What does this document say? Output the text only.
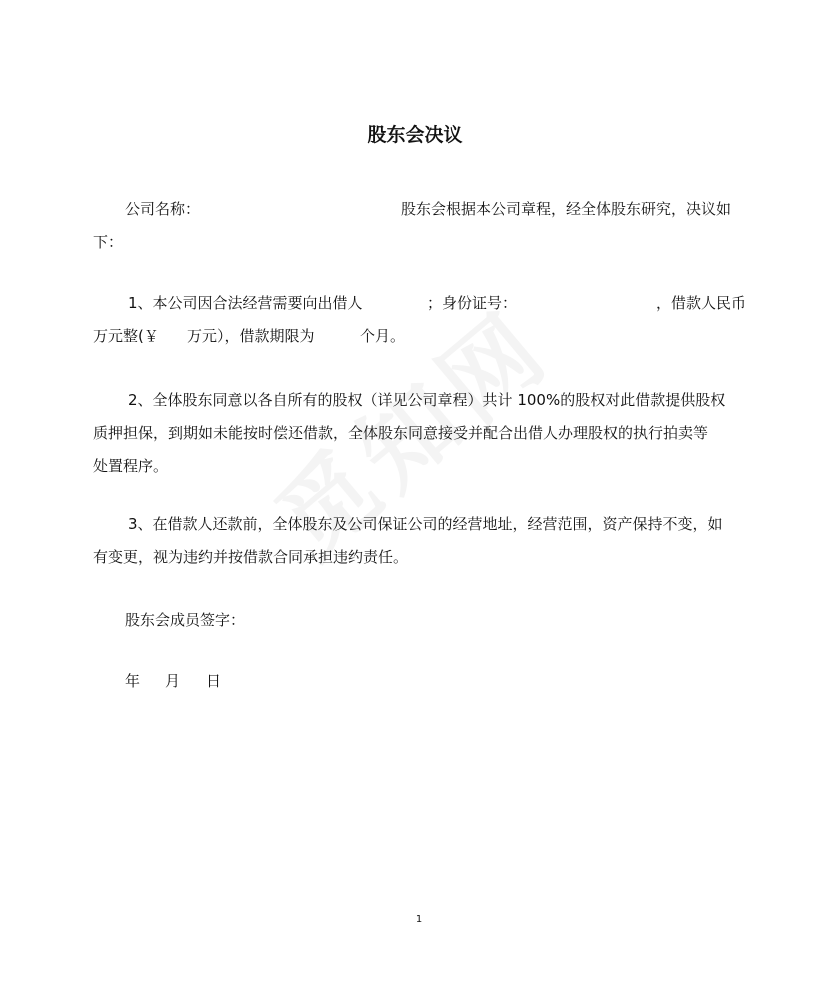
股东会决议
公司名称：	股东会根据本公司章程，经全体股东研究，决议如
下：
1、本公司因合法经营需要向出借人	；身份证号：	，借款人民币
万元整(￥ 万元），借款期限为	个月。
2、全体股东同意以各自所有的股权（详见公司章程）共计 100%的股权对此借款提供股权
质押担保，到期如未能按时偿还借款，全体股东同意接受并配合出借人办理股权的执行拍卖等
处置程序。
3、在借款人还款前，全体股东及公司保证公司的经营地址，经营范围，资产保持不变，如
有变更，视为违约并按借款合同承担违约责任。
股东会成员签字：
年 月 日
1
